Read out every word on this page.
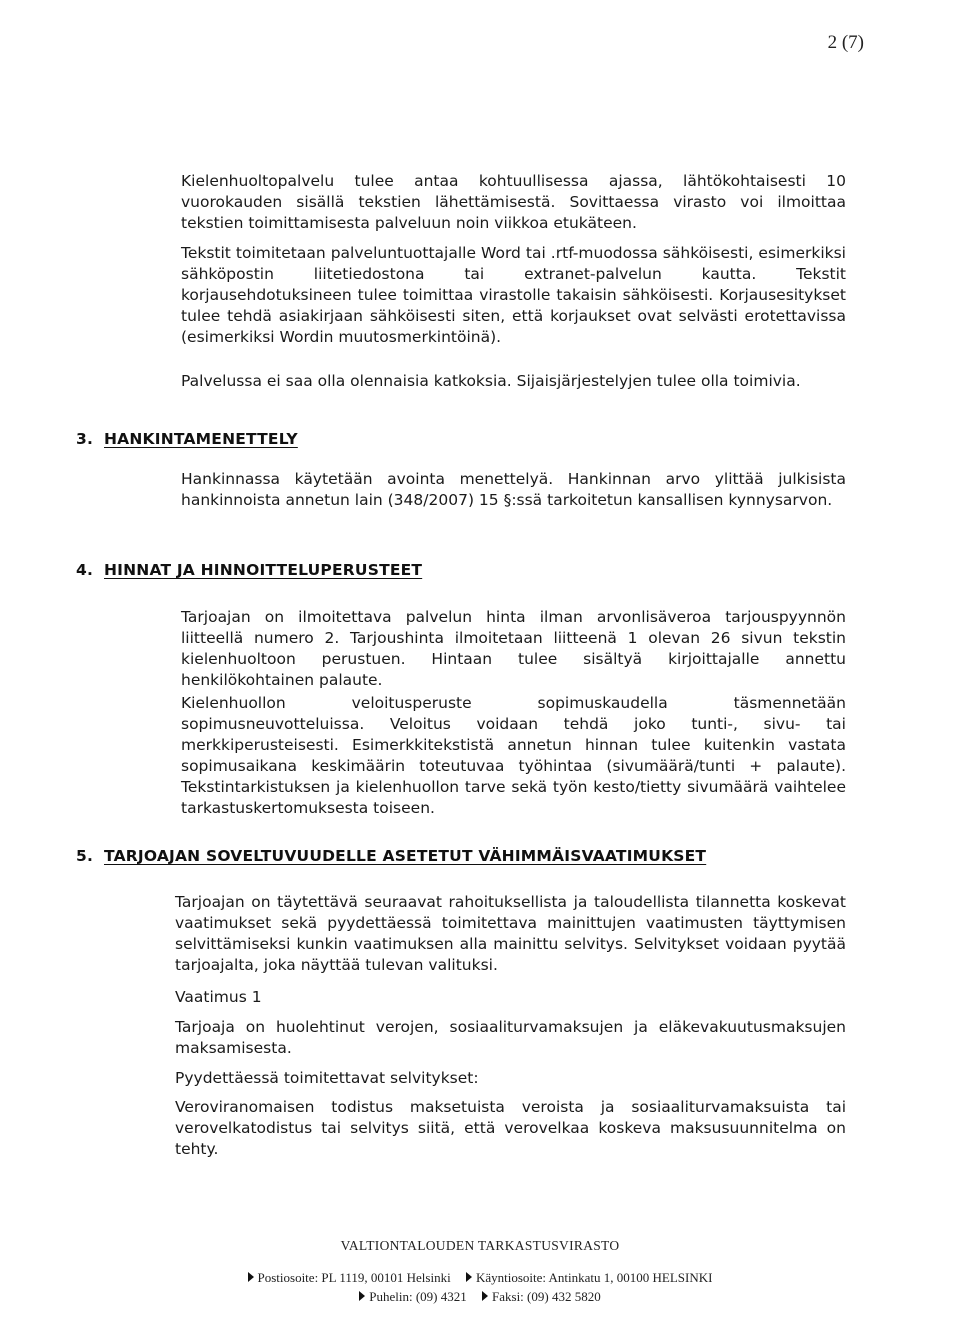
2 (7)

Kielenhuoltopalvelu tulee antaa kohtuullisessa ajassa, lähtökohtaisesti 10 vuorokauden sisällä tekstien lähettämisestä. Sovittaessa virasto voi ilmoittaa tekstien toimittamisesta palveluun noin viikkoa etukäteen.

Tekstit toimitetaan palveluntuottajalle Word tai .rtf-muodossa sähköisesti, esimerkiksi sähköpostin liitetiedostona tai extranet-palvelun kautta. Tekstit korjausehdotuksineen tulee toimittaa virastolle takaisin sähköisesti. Korjausesitykset tulee tehdä asiakirjaan sähköisesti siten, että korjaukset ovat selvästi erotettavissa (esimerkiksi Wordin muutosmerkintöinä).

Palvelussa ei saa olla olennaisia katkoksia. Sijaisjärjestelyjen tulee olla toimivia.

3. HANKINTAMENETTELY

Hankinnassa käytetään avointa menettelyä. Hankinnan arvo ylittää julkisista hankinnoista annetun lain (348/2007) 15 §:ssä tarkoitetun kansallisen kynnysarvon.

4. HINNAT JA HINNOITTELUPERUSTEET

Tarjoajan on ilmoitettava palvelun hinta ilman arvonlisäveroa tarjouspyynnön liitteellä numero 2. Tarjoushinta ilmoitetaan liitteenä 1 olevan 26 sivun tekstin kielenhuoltoon perustuen. Hintaan tulee sisältyä kirjoittajalle annettu henkilökohtainen palaute.

Kielenhuollon veloitusperuste sopimuskaudella täsmennetään sopimusneuvotteluissa. Veloitus voidaan tehdä joko tunti-, sivu- tai merkkiperusteisesti. Esimerkkitekstistä annetun hinnan tulee kuitenkin vastata sopimusaikana keskimäärin toteutuvaa työhintaa (sivumäärä/tunti + palaute). Tekstintarkistuksen ja kielenhuollon tarve sekä työn kesto/tietty sivumäärä vaihtelee tarkastuskertomuksesta toiseen.

5. TARJOAJAN SOVELTUVUUDELLE ASETETUT VÄHIMMÄISVAATIMUKSET

Tarjoajan on täytettävä seuraavat rahoituksellista ja taloudellista tilannetta koskevat vaatimukset sekä pyydettäessä toimitettava mainittujen vaatimusten täyttymisen selvittämiseksi kunkin vaatimuksen alla mainittu selvitys. Selvitykset voidaan pyytää tarjoajalta, joka näyttää tulevan valituksi.

Vaatimus 1

Tarjoaja on huolehtinut verojen, sosiaaliturvamaksujen ja eläkevakuutusmaksujen maksamisesta.

Pyydettäessä toimitettavat selvitykset:

Veroviranomaisen todistus maksetuista veroista ja sosiaaliturvamaksuista tai verovelkatodistus tai selvitys siitä, että verovelkaa koskeva maksusuunnitelma on tehty.

VALTIONTALOUDEN TARKASTUSVIRASTO
Postiosoite: PL 1119, 00101 Helsinki Käyntiosoite: Antinkatu 1, 00100 HELSINKI
Puhelin: (09) 4321 Faksi: (09) 432 5820
